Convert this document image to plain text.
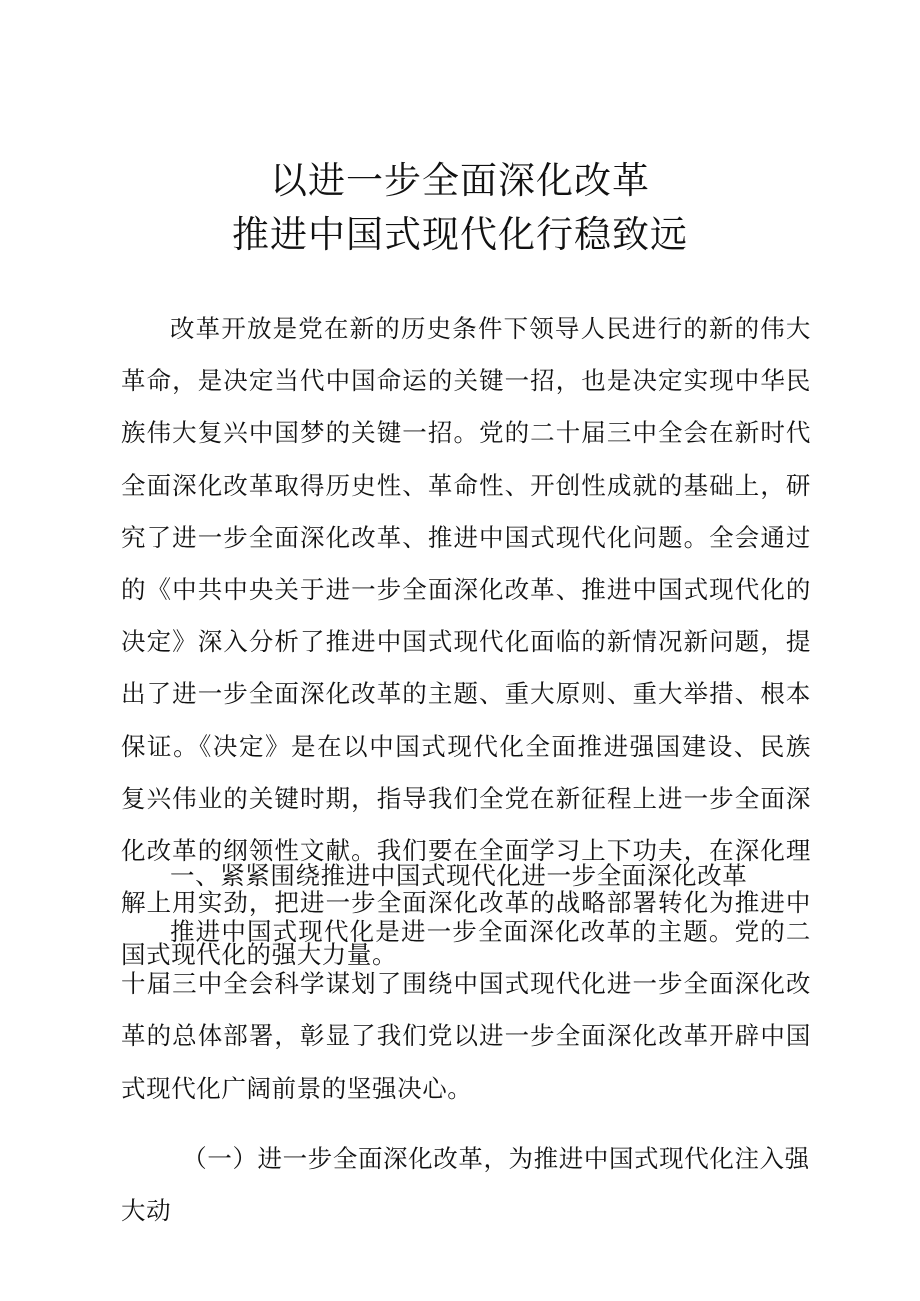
以进一步全面深化改革
推进中国式现代化行稳致远

改革开放是党在新的历史条件下领导人民进行的新的伟大革命，是决定当代中国命运的关键一招，也是决定实现中华民族伟大复兴中国梦的关键一招。党的二十届三中全会在新时代全面深化改革取得历史性、革命性、开创性成就的基础上，研究了进一步全面深化改革、推进中国式现代化问题。全会通过的《中共中央关于进一步全面深化改革、推进中国式现代化的决定》深入分析了推进中国式现代化面临的新情况新问题，提出了进一步全面深化改革的主题、重大原则、重大举措、根本保证。《决定》是在以中国式现代化全面推进强国建设、民族复兴伟业的关键时期，指导我们全党在新征程上进一步全面深化改革的纲领性文献。我们要在全面学习上下功夫，在深化理解上用实劲，把进一步全面深化改革的战略部署转化为推进中国式现代化的强大力量。

一、紧紧围绕推进中国式现代化进一步全面深化改革

推进中国式现代化是进一步全面深化改革的主题。党的二十届三中全会科学谋划了围绕中国式现代化进一步全面深化改革的总体部署，彰显了我们党以进一步全面深化改革开辟中国式现代化广阔前景的坚强决心。

（一）进一步全面深化改革，为推进中国式现代化注入强大动
